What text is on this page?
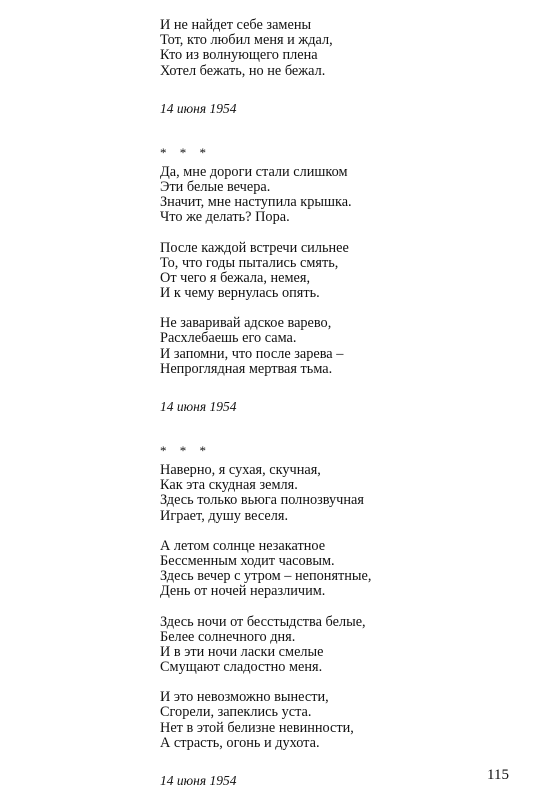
И не найдет себе замены

Тот, кто любил меня и ждал,

Кто из волнующего плена

Хотел бежать, но не бежал.

14 июня 1954

* * *

Да, мне дороги стали слишком

Эти белые вечера.

Значит, мне наступила крышка.

Что же делать? Пора.

После каждой встречи сильнее

То, что годы пытались смять,

От чего я бежала, немея,

И к чему вернулась опять.

Не заваривай адское варево,

Расхлебаешь его сама.

И запомни, что после зарева –

Непроглядная мертвая тьма.

14 июня 1954

* * *

Наверно, я сухая, скучная,

Как эта скудная земля.

Здесь только вьюга полнозвучная

Играет, душу веселя.

А летом солнце незакатное

Бессменным ходит часовым.

Здесь вечер с утром – непонятные,

День от ночей неразличим.

Здесь ночи от бесстыдства белые,

Белее солнечного дня.

И в эти ночи ласки смелые

Смущают сладостно меня.

И это невозможно вынести,

Сгорели, запеклись уста.

Нет в этой белизне невинности,

А страсть, огонь и духота.

14 июня 1954	115
